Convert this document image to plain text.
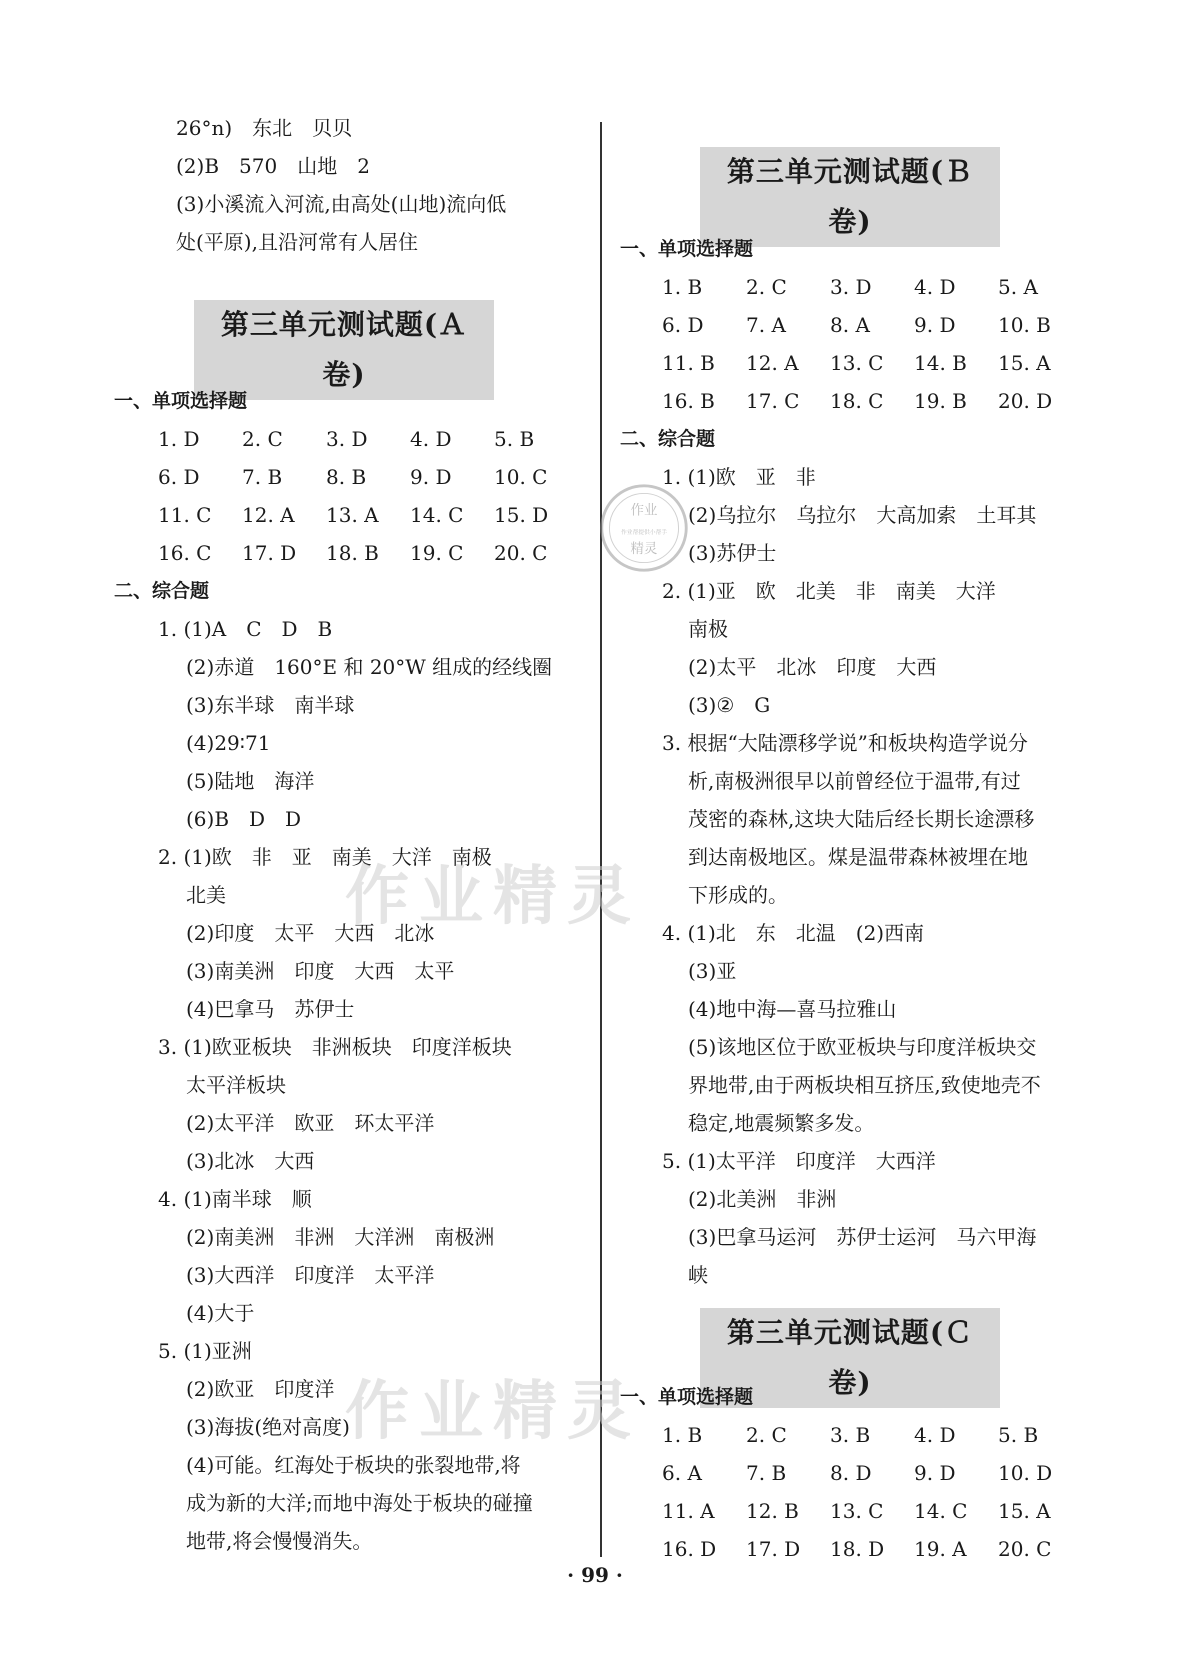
26°n)　东北　贝贝
(2)B　570　山地　2
(3)小溪流入河流,由高处(山地)流向低
处(平原),且沿河常有人居住
第三单元测试题(Ａ 卷)
一、单项选择题
1. D 2. C 3. D 4. D 5. B
6. D 7. B 8. B 9. D 10. C
11. C 12. A 13. A 14. C 15. D
16. C 17. D 18. B 19. C 20. C
二、综合题
1. (1)A　C　D　B
(2)赤道　160°E 和 20°W 组成的经线圈
(3)东半球　南半球
(4)29∶71
(5)陆地　海洋
(6)B　D　D
2. (1)欧　非　亚　南美　大洋　南极
北美
(2)印度　太平　大西　北冰
(3)南美洲　印度　大西　太平
(4)巴拿马　苏伊士
3. (1)欧亚板块　非洲板块　印度洋板块
太平洋板块
(2)太平洋　欧亚　环太平洋
(3)北冰　大西
4. (1)南半球　顺
(2)南美洲　非洲　大洋洲　南极洲
(3)大西洋　印度洋　太平洋
(4)大于
5. (1)亚洲
(2)欧亚　印度洋
(3)海拔(绝对高度)
(4)可能。红海处于板块的张裂地带,将
成为新的大洋;而地中海处于板块的碰撞
地带,将会慢慢消失。
第三单元测试题(Ｂ 卷)
一、单项选择题
1. B 2. C 3. D 4. D 5. A
6. D 7. A 8. A 9. D 10. B
11. B 12. A 13. C 14. B 15. A
16. B 17. C 18. C 19. B 20. D
二、综合题
1. (1)欧　亚　非
(2)乌拉尔　乌拉尔　大高加索　土耳其
(3)苏伊士
2. (1)亚　欧　北美　非　南美　大洋
南极
(2)太平　北冰　印度　大西
(3)②　G
3. 根据“大陆漂移学说”和板块构造学说分
析,南极洲很早以前曾经位于温带,有过
茂密的森林,这块大陆后经长期长途漂移
到达南极地区。煤是温带森林被埋在地
下形成的。
4. (1)北　东　北温　(2)西南
(3)亚
(4)地中海—喜马拉雅山
(5)该地区位于欧亚板块与印度洋板块交
界地带,由于两板块相互挤压,致使地壳不
稳定,地震频繁多发。
5. (1)太平洋　印度洋　大西洋
(2)北美洲　非洲
(3)巴拿马运河　苏伊士运河　马六甲海
峡
第三单元测试题(Ｃ 卷)
一、单项选择题
1. B 2. C 3. B 4. D 5. B
6. A 7. B 8. D 9. D 10. D
11. A 12. B 13. C 14. C 15. A
16. D 17. D 18. D 19. A 20. C
作业精灵
作业精灵
作业
作业帮提供小帮手
精灵
· 99 ·
